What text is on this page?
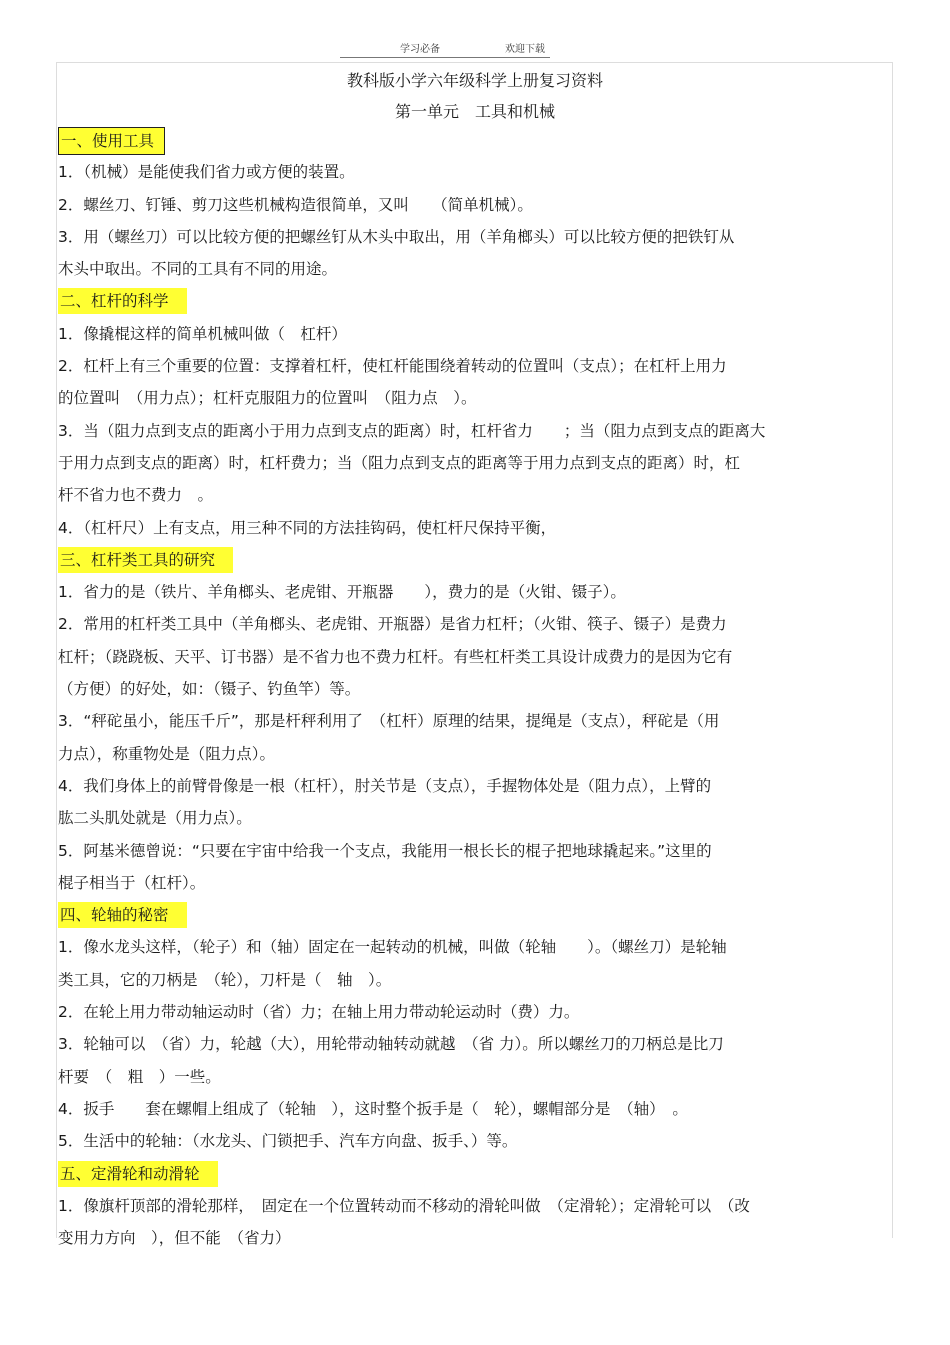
学习必备	欢迎下载
教科版小学六年级科学上册复习资料
第一单元　工具和机械
一、使用工具
1．（机械）是能使我们省力或方便的装置。
2．螺丝刀、钉锤、剪刀这些机械构造很简单，又叫　　（简单机械）。
3．用（螺丝刀）可以比较方便的把螺丝钉从木头中取出，用（羊角榔头）可以比较方便的把铁钉从
木头中取出。不同的工具有不同的用途。
二、杠杆的科学
1．像撬棍这样的简单机械叫做（　杠杆）
2．杠杆上有三个重要的位置：支撑着杠杆，使杠杆能围绕着转动的位置叫（支点）；在杠杆上用力
的位置叫　（用力点）；杠杆克服阻力的位置叫　（阻力点　）。
3．当（阻力点到支点的距离小于用力点到支点的距离）时，杠杆省力　　；当（阻力点到支点的距离大
于用力点到支点的距离）时，杠杆费力；当（阻力点到支点的距离等于用力点到支点的距离）时，杠
杆不省力也不费力　。
4．（杠杆尺）上有支点，用三种不同的方法挂钩码，使杠杆尺保持平衡，
三、杠杆类工具的研究
1．省力的是（铁片、羊角榔头、老虎钳、开瓶器　　），费力的是（火钳、镊子）。
2．常用的杠杆类工具中（羊角榔头、老虎钳、开瓶器）是省力杠杆；（火钳、筷子、镊子）是费力
杠杆；（跷跷板、天平、订书器）是不省力也不费力杠杆。有些杠杆类工具设计成费力的是因为它有
（方便）的好处，如：（镊子、钓鱼竿）等。
3．“秤砣虽小，能压千斤”，那是杆秤利用了　（杠杆）原理的结果，提绳是（支点），秤砣是（用
力点），称重物处是（阻力点）。
4．我们身体上的前臂骨像是一根（杠杆），肘关节是（支点），手握物体处是（阻力点），上臂的
肱二头肌处就是（用力点）。
5．阿基米德曾说：“只要在宇宙中给我一个支点，我能用一根长长的棍子把地球撬起来。”这里的
棍子相当于（杠杆）。
四、轮轴的秘密
1．像水龙头这样，（轮子）和（轴）固定在一起转动的机械，叫做（轮轴　　）。（螺丝刀）是轮轴
类工具，它的刀柄是　（轮），刀杆是（　轴　）。
2．在轮上用力带动轴运动时（省）力；在轴上用力带动轮运动时（费）力。
3．轮轴可以　（省）力，轮越（大），用轮带动轴转动就越　（省 力）。所以螺丝刀的刀柄总是比刀
杆要　（　粗　）一些。
4．扳手　　套在螺帽上组成了（轮轴　），这时整个扳手是（　轮），螺帽部分是　（轴）　。
5．生活中的轮轴：（水龙头、门锁把手、汽车方向盘、扳手、）等。
五、定滑轮和动滑轮
1．像旗杆顶部的滑轮那样，　固定在一个位置转动而不移动的滑轮叫做　（定滑轮）；定滑轮可以　（改
变用力方向　），但不能　（省力）
